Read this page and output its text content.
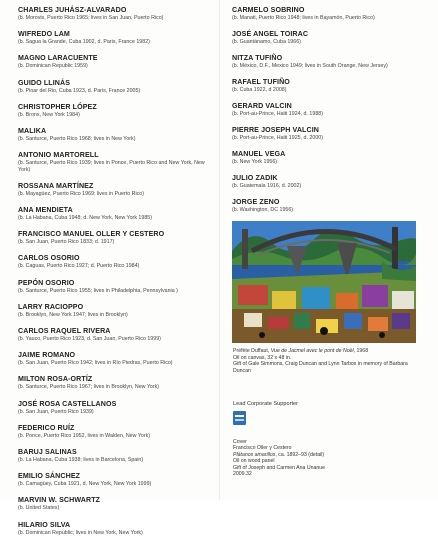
CHARLES JUHÁSZ-ALVARADO
(b. Morovis, Puerto Rico 1965; lives in San Juan, Puerto Rico)
WIFREDO LAM
(b. Sagua la Grande, Cuba 1902, d. Paris, France 1982)
MAGNO LARACUENTE
(b. Dominican Republic 1959)
GUIDO LLINÁS
(b. Pinar del Rio, Cuba 1923, d. Paris, France 2005)
CHRISTOPHER LÓPEZ
(b. Bronx, New York 1984)
MALIKA
(b. Santurce, Puerto Rico 1968; lives in New York)
ANTONIO MARTORELL
(b. Santurce, Puerto Rico 1939; lives in Ponce, Puerto Rico and New York, New York)
ROSSANA MARTÍNEZ
(b. Mayagüez, Puerto Rico 1969; lives in Puerto Rico)
ANA MENDIETA
(b. La Habana, Cuba 1948; d. New York, New York 1985)
FRANCISCO MANUEL OLLER Y CESTERO
(b. San Juan, Puerto Rico 1833; d. 1917)
CARLOS OSORIO
(b. Caguas, Puerto Rico 1927; d. Puerto Rico 1984)
PEPÓN OSORIO
(b. Santurce, Puerto Rico 1955; lives in Philadelphia, Pennsylvania )
LARRY RACIOPPO
(b. Brooklyn, New York 1947; lives in Brooklyn)
CARLOS RAQUEL RIVERA
(b. Yauco, Puerto Rico 1923, d. San Juan, Puerto Rico 1999)
JAIME ROMANO
(b. San Juan, Puerto Rico 1942; lives in Río Piedras, Puerto Rico)
MILTON ROSA-ORTÍZ
(b. Santurce, Puerto Rico 1967; lives in Brooklyn, New York)
JOSÉ ROSA CASTELLANOS
(b. San Juan, Puerto Rico 1939)
FEDERICO RUÍZ
(b. Ponce, Puerto Rico 1952, lives in Walden, New York)
BARUJ SALINAS
(b. La Habana, Cuba 1938; lives in Barcelona, Spain)
EMILIO SÁNCHEZ
(b. Camagüey, Cuba 1921, d. New York, New York 1999)
MARVIN W. SCHWARTZ
(b. United States)
HILARIO SILVA
(b. Dominican Republic; lives in New York, New York)
CARMELO SOBRINO
(b. Manati, Puerto Rico 1948; lives in Bayamón, Puerto Rico)
JOSÉ ANGEL TOIRAC
(b. Guantánamo, Cuba 1966)
NITZA TUFIÑO
(b. México, D.F., Mexico 1949; lives in South Orange, New Jersey)
RAFAEL TUFIÑO
(b. Cuba 1922, d 2008)
GERARD VALCIN
(b. Port-au-Prince, Haiti 1924, d. 1988)
PIERRE JOSEPH VALCIN
(b. Port-au-Prince, Haiti 1925, d. 2000)
MANUEL VEGA
(b. New York 1956)
JULIO ZADIK
(b. Guatemala 1916, d. 2002)
JORGE ZENO
(b. Washington, DC 1956)

Préfète Duffaut, Vue de Jacmel avec le pont de Noël, 1968

Oil on canvas, 32 x 48 in.

Gift of Gale Simmons, Craig Duncan and Lynn Tarbox in memory of Barbara Duncan

Lead Corporate Supporter

Cover

Francisco Oller y Cestero

Plátanos amarillos, ca. 1892–93 (detail)

Oil on wood panel

Gift of Joseph and Carmen Ana Unanue

2009.32
